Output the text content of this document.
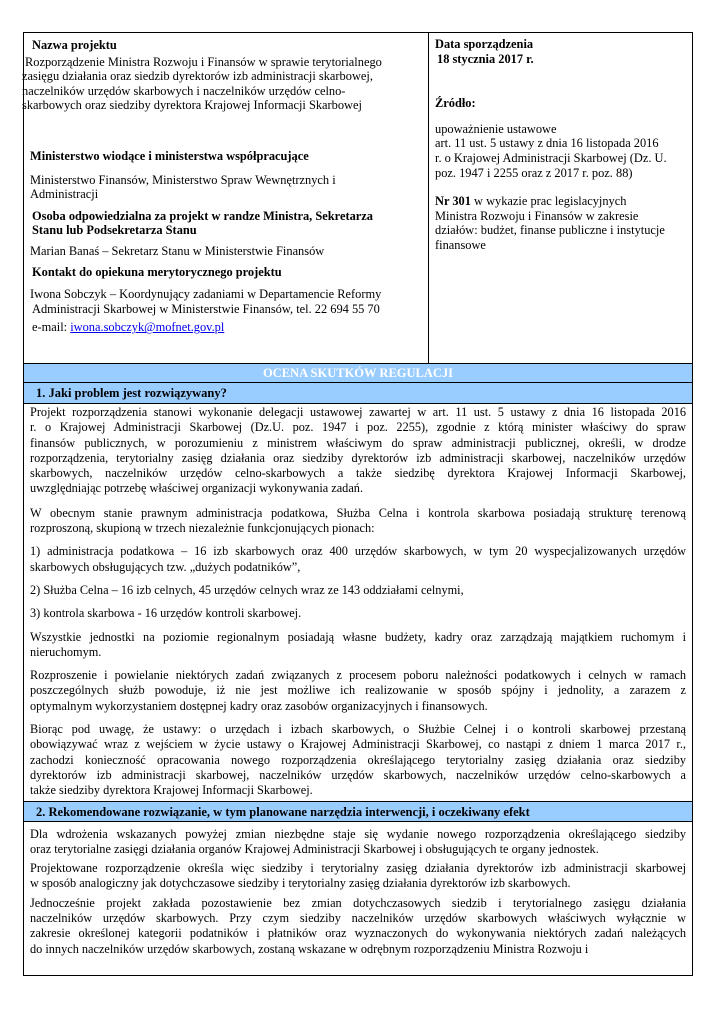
Nazwa projektu

Rozporządzenie Ministra Rozwoju i Finansów w sprawie terytorialnego

zasięgu działania oraz siedzib dyrektorów izb administracji skarbowej,

naczelników urzędów skarbowych i naczelników urzędów celno-

skarbowych oraz siedziby dyrektora Krajowej Informacji Skarbowej

Ministerstwo wiodące i ministerstwa współpracujące

Ministerstwo Finansów, Ministerstwo Spraw Wewnętrznych i

Administracji

Osoba odpowiedzialna za projekt w randze Ministra, Sekretarza

Stanu lub Podsekretarza Stanu

Marian Banaś – Sekretarz Stanu w Ministerstwie Finansów

Kontakt do opiekuna merytorycznego projektu

Iwona Sobczyk – Koordynujący zadaniami w Departamencie Reformy

Administracji Skarbowej w Ministerstwie Finansów, tel. 22 694 55 70

e-mail: iwona.sobczyk@mofnet.gov.pl

Data sporządzenia

18 stycznia 2017 r.

Źródło:

upoważnienie ustawowe

art. 11 ust. 5 ustawy z dnia 16 listopada 2016

r. o Krajowej Administracji Skarbowej (Dz. U.

poz. 1947 i 2255 oraz z 2017 r. poz. 88)

Nr 301 w wykazie prac legislacyjnych

Ministra Rozwoju i Finansów w zakresie

działów: budżet, finanse publiczne i instytucje

finansowe

OCENA SKUTKÓW REGULACJI
1. Jaki problem jest rozwiązywany?
Projekt rozporządzenia stanowi wykonanie delegacji ustawowej zawartej w art. 11 ust. 5 ustawy z dnia 16 listopada 2016
r. o Krajowej Administracji Skarbowej (Dz.U. poz. 1947 i poz. 2255), zgodnie z którą minister właściwy do spraw
finansów publicznych, w porozumieniu z ministrem właściwym do spraw administracji publicznej, określi, w drodze
rozporządzenia, terytorialny zasięg działania oraz siedziby dyrektorów izb administracji skarbowej, naczelników urzędów
skarbowych, naczelników urzędów celno-skarbowych a także siedzibę dyrektora Krajowej Informacji Skarbowej,
uwzględniając potrzebę właściwej organizacji wykonywania zadań.
W obecnym stanie prawnym administracja podatkowa, Służba Celna i kontrola skarbowa posiadają strukturę terenową
rozproszoną, skupioną w trzech niezależnie funkcjonujących pionach:
1) administracja podatkowa – 16 izb skarbowych oraz 400 urzędów skarbowych, w tym 20 wyspecjalizowanych urzędów
skarbowych obsługujących tzw. „dużych podatników”,
2) Służba Celna – 16 izb celnych, 45 urzędów celnych wraz ze 143 oddziałami celnymi,
3) kontrola skarbowa - 16 urzędów kontroli skarbowej.
Wszystkie jednostki na poziomie regionalnym posiadają własne budżety, kadry oraz zarządzają majątkiem ruchomym i
nieruchomym.
Rozproszenie i powielanie niektórych zadań związanych z procesem poboru należności podatkowych i celnych w ramach
poszczególnych służb powoduje, iż nie jest możliwe ich realizowanie w sposób spójny i jednolity, a zarazem z
optymalnym wykorzystaniem dostępnej kadry oraz zasobów organizacyjnych i finansowych.
Biorąc pod uwagę, że ustawy: o urzędach i izbach skarbowych, o Służbie Celnej i o kontroli skarbowej przestaną
obowiązywać wraz z wejściem w życie ustawy o Krajowej Administracji Skarbowej, co nastąpi z dniem 1 marca 2017 r.,
zachodzi konieczność opracowania nowego rozporządzenia określającego terytorialny zasięg działania oraz siedziby
dyrektorów izb administracji skarbowej, naczelników urzędów skarbowych, naczelników urzędów celno-skarbowych a
także siedziby dyrektora Krajowej Informacji Skarbowej.
2. Rekomendowane rozwiązanie, w tym planowane narzędzia interwencji, i oczekiwany efekt
Dla wdrożenia wskazanych powyżej zmian niezbędne staje się wydanie nowego rozporządzenia określającego siedziby
oraz terytorialne zasięgi działania organów Krajowej Administracji Skarbowej i obsługujących te organy jednostek.
Projektowane rozporządzenie określa więc siedziby i terytorialny zasięg działania dyrektorów izb administracji skarbowej
w sposób analogiczny jak dotychczasowe siedziby i terytorialny zasięg działania dyrektorów izb skarbowych.
Jednocześnie projekt zakłada pozostawienie bez zmian dotychczasowych siedzib i terytorialnego zasięgu działania
naczelników urzędów skarbowych. Przy czym siedziby naczelników urzędów skarbowych właściwych wyłącznie w
zakresie określonej kategorii podatników i płatników oraz wyznaczonych do wykonywania niektórych zadań należących
do innych naczelników urzędów skarbowych, zostaną wskazane w odrębnym rozporządzeniu Ministra Rozwoju i
